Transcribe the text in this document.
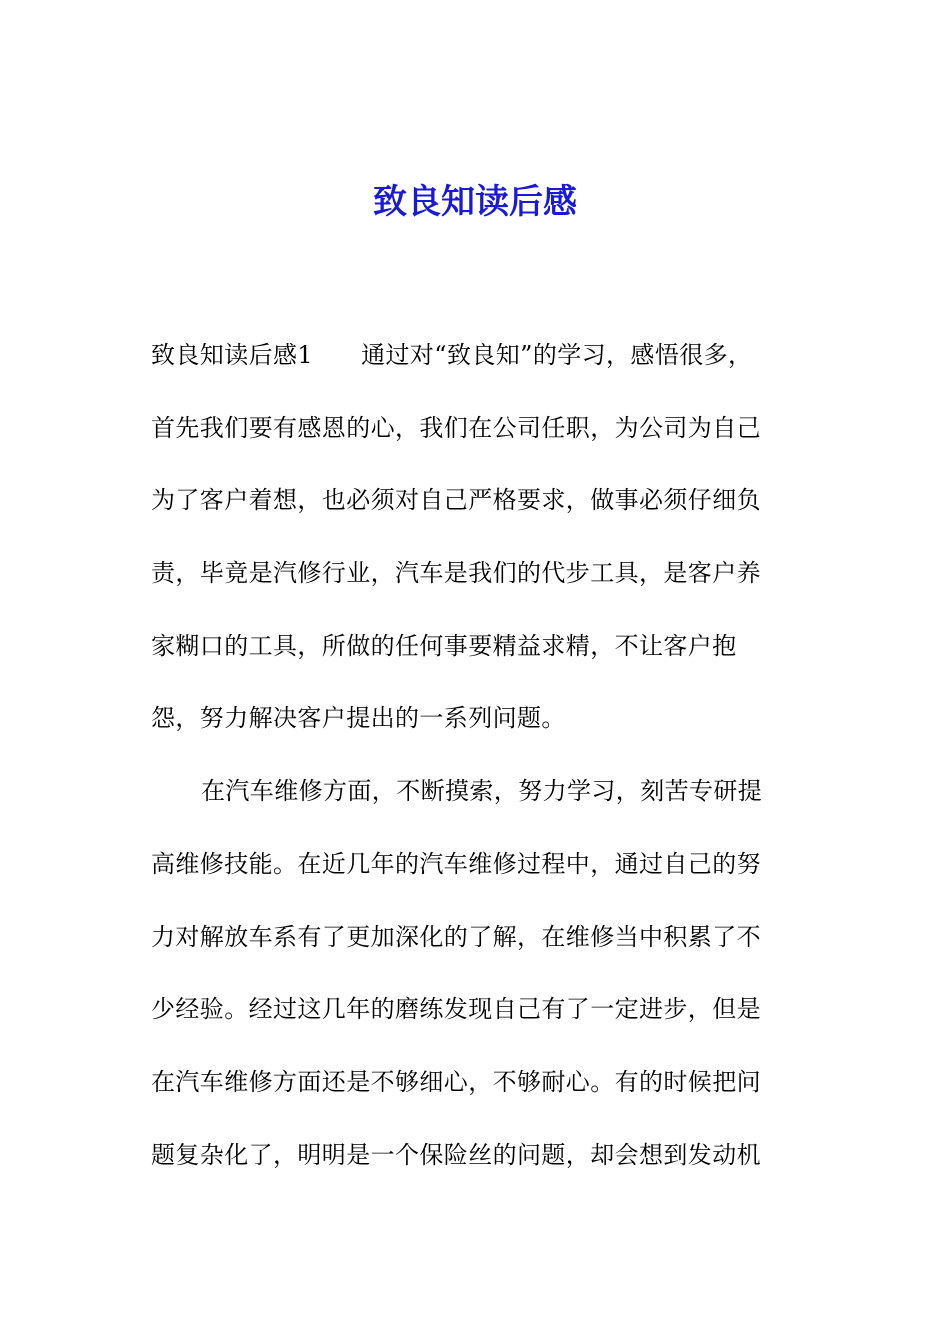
致良知读后感
致良知读后感1 通过对“致良知”的学习，感悟很多，
首先我们要有感恩的心，我们在公司任职，为公司为自己
为了客户着想，也必须对自己严格要求，做事必须仔细负
责，毕竟是汽修行业，汽车是我们的代步工具，是客户养
家糊口的工具，所做的任何事要精益求精，不让客户抱
怨，努力解决客户提出的一系列问题。
在汽车维修方面，不断摸索，努力学习，刻苦专研提
高维修技能。在近几年的汽车维修过程中，通过自己的努
力对解放车系有了更加深化的了解，在维修当中积累了不
少经验。经过这几年的磨练发现自己有了一定进步，但是
在汽车维修方面还是不够细心，不够耐心。有的时候把问
题复杂化了，明明是一个保险丝的问题，却会想到发动机
